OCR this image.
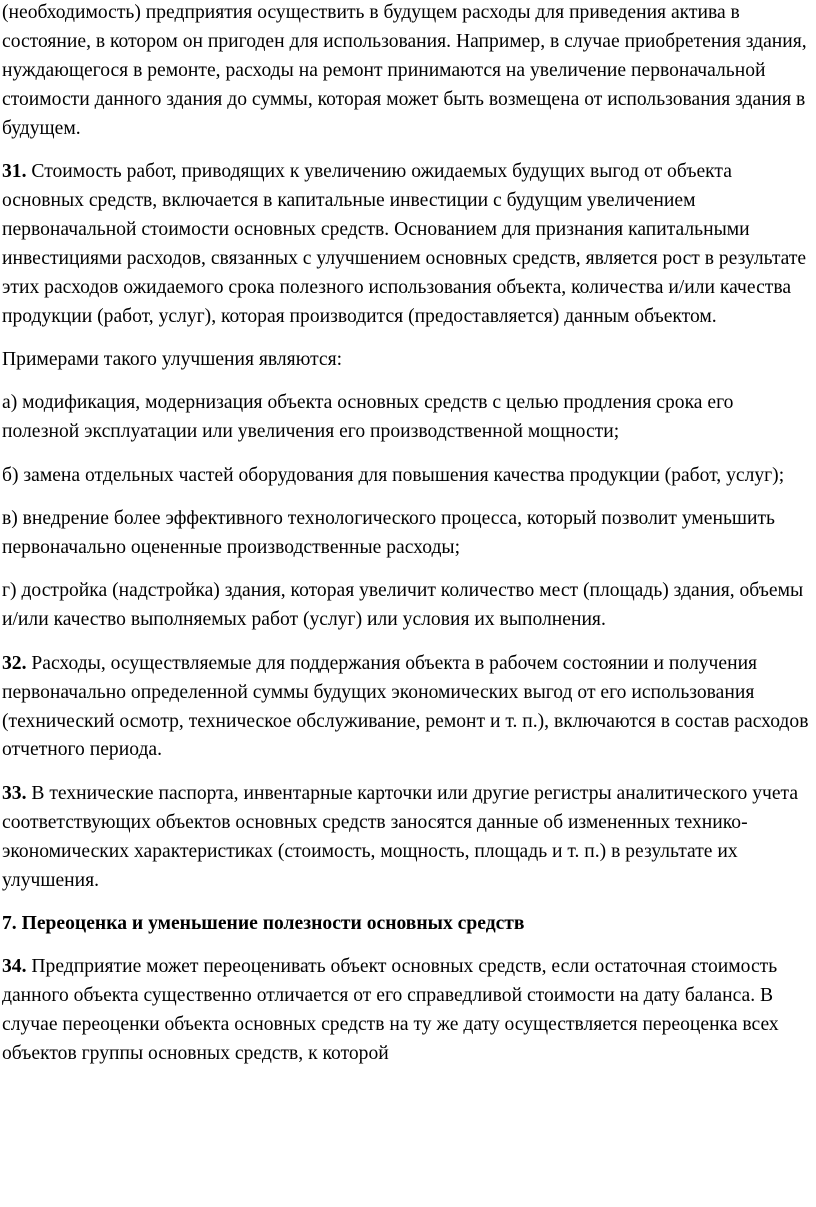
(необходимость) предприятия осуществить в будущем расходы для приведения актива в состояние, в котором он пригоден для использования. Например, в случае приобретения здания, нуждающегося в ремонте, расходы на ремонт принимаются на увеличение первоначальной стоимости данного здания до суммы, которая может быть возмещена от использования здания в будущем.

31. Стоимость работ, приводящих к увеличению ожидаемых будущих выгод от объекта основных средств, включается в капитальные инвестиции с будущим увеличением первоначальной стоимости основных средств. Основанием для признания капитальными инвестициями расходов, связанных с улучшением основных средств, является рост в результате этих расходов ожидаемого срока полезного использования объекта, количества и/или качества продукции (работ, услуг), которая производится (предоставляется) данным объектом.

Примерами такого улучшения являются:

а) модификация, модернизация объекта основных средств с целью продления срока его полезной эксплуатации или увеличения его производственной мощности;

б) замена отдельных частей оборудования для повышения качества продукции (работ, услуг);

в) внедрение более эффективного технологического процесса, который позволит уменьшить первоначально оцененные производственные расходы;

г) достройка (надстройка) здания, которая увеличит количество мест (площадь) здания, объемы и/или качество выполняемых работ (услуг) или условия их выполнения.

32. Расходы, осуществляемые для поддержания объекта в рабочем состоянии и получения первоначально определенной суммы будущих экономических выгод от его использования (технический осмотр, техническое обслуживание, ремонт и т. п.), включаются в состав расходов отчетного периода.

33. В технические паспорта, инвентарные карточки или другие регистры аналитического учета соответствующих объектов основных средств заносятся данные об измененных технико-экономических характеристиках (стоимость, мощность, площадь и т. п.) в результате их улучшения.

7. Переоценка и уменьшение полезности основных средств

34. Предприятие может переоценивать объект основных средств, если остаточная стоимость данного объекта существенно отличается от его справедливой стоимости на дату баланса. В случае переоценки объекта основных средств на ту же дату осуществляется переоценка всех объектов группы основных средств, к которой
